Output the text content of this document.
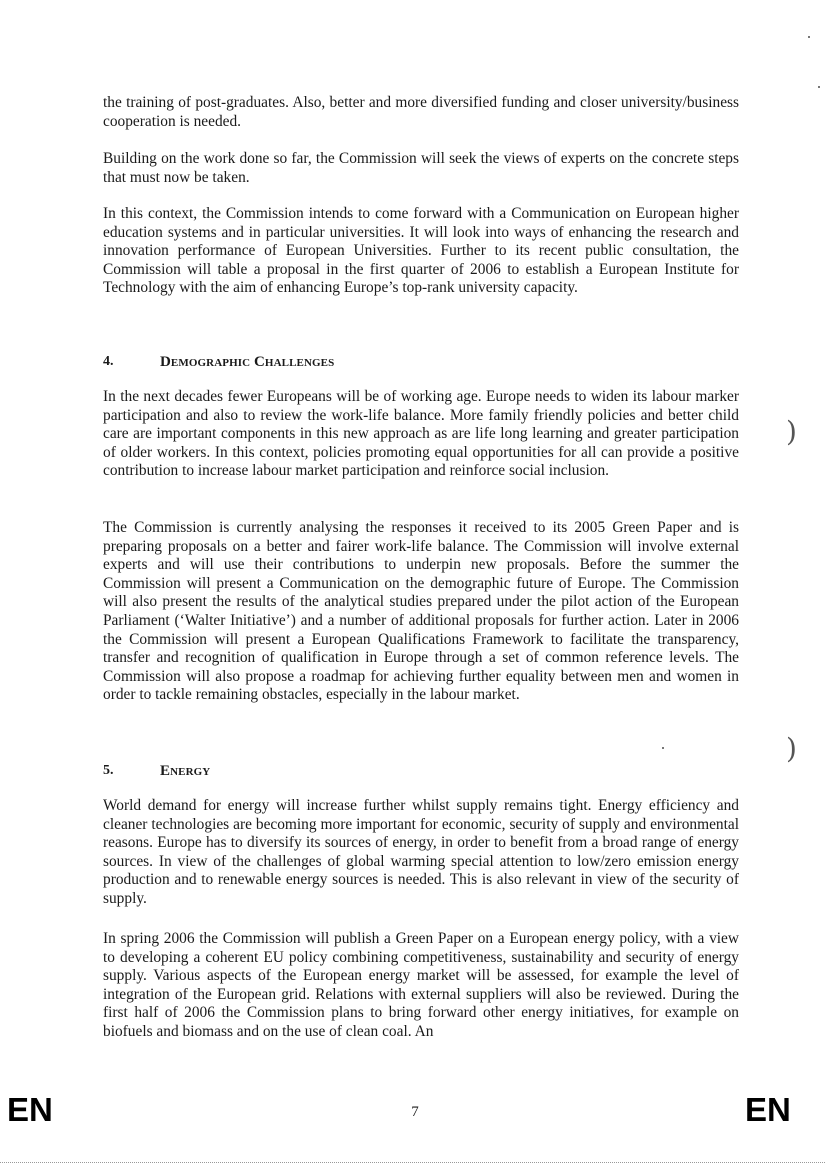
the training of post-graduates. Also, better and more diversified funding and closer university/business cooperation is needed.

Building on the work done so far, the Commission will seek the views of experts on the concrete steps that must now be taken.

In this context, the Commission intends to come forward with a Communication on European higher education systems and in particular universities. It will look into ways of enhancing the research and innovation performance of European Universities. Further to its recent public consultation, the Commission will table a proposal in the first quarter of 2006 to establish a European Institute for Technology with the aim of enhancing Europe’s top-rank university capacity.

4.	Demographic Challenges

In the next decades fewer Europeans will be of working age. Europe needs to widen its labour marker participation and also to review the work-life balance. More family friendly policies and better child care are important components in this new approach as are life long learning and greater participation of older workers. In this context, policies promoting equal opportunities for all can provide a positive contribution to increase labour market participation and reinforce social inclusion.

The Commission is currently analysing the responses it received to its 2005 Green Paper and is preparing proposals on a better and fairer work-life balance. The Commission will involve external experts and will use their contributions to underpin new proposals. Before the summer the Commission will present a Communication on the demographic future of Europe. The Commission will also present the results of the analytical studies prepared under the pilot action of the European Parliament (‘Walter Initiative’) and a number of additional proposals for further action. Later in 2006 the Commission will present a European Qualifications Framework to facilitate the transparency, transfer and recognition of qualification in Europe through a set of common reference levels. The Commission will also propose a roadmap for achieving further equality between men and women in order to tackle remaining obstacles, especially in the labour market.

5.	Energy

World demand for energy will increase further whilst supply remains tight. Energy efficiency and cleaner technologies are becoming more important for economic, security of supply and environmental reasons. Europe has to diversify its sources of energy, in order to benefit from a broad range of energy sources. In view of the challenges of global warming special attention to low/zero emission energy production and to renewable energy sources is needed. This is also relevant in view of the security of supply.

In spring 2006 the Commission will publish a Green Paper on a European energy policy, with a view to developing a coherent EU policy combining competitiveness, sustainability and security of energy supply. Various aspects of the European energy market will be assessed, for example the level of integration of the European grid. Relations with external suppliers will also be reviewed. During the first half of 2006 the Commission plans to bring forward other energy initiatives, for example on biofuels and biomass and on the use of clean coal. An

)
)
EN	7	EN
